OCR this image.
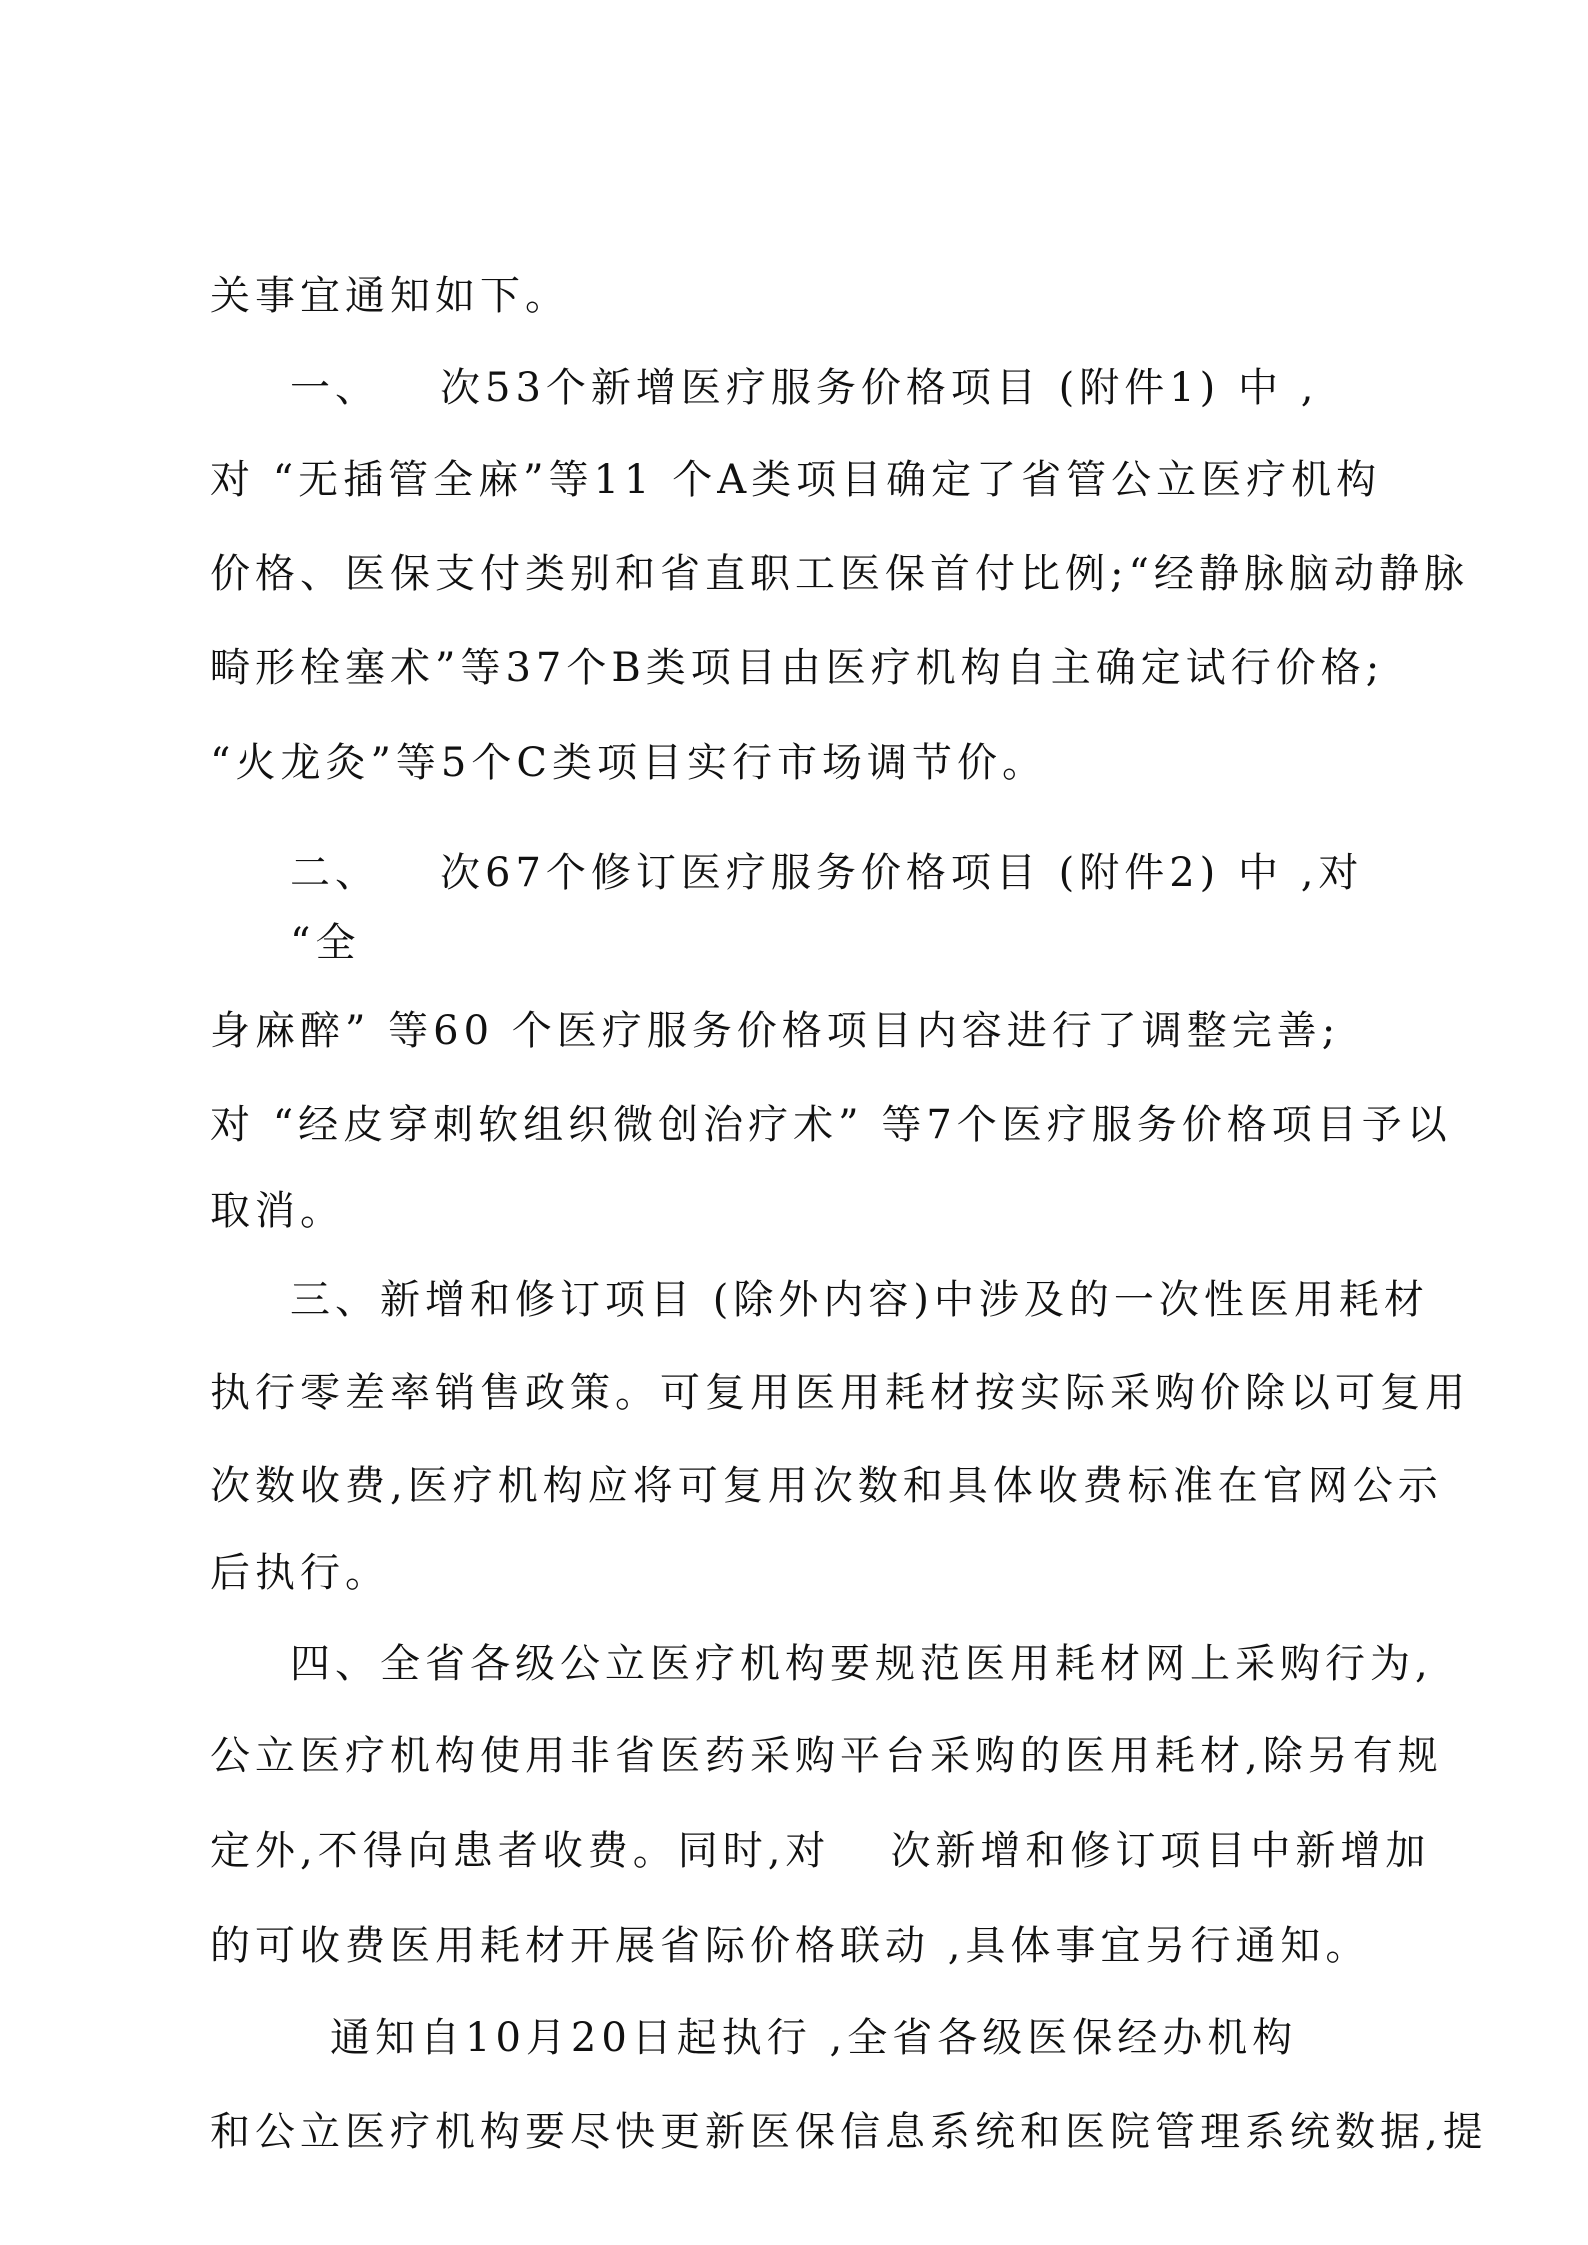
关事宜通知如下。
一、 次53个新增医疗服务价格项目 (附件1) 中 ,
对 “无插管全麻”等11 个A类项目确定了省管公立医疗机构
价格、医保支付类别和省直职工医保首付比例;“经静脉脑动静脉
畸形栓塞术”等37个B类项目由医疗机构自主确定试行价格;
“火龙灸”等5个C类项目实行市场调节价。
二、 次67个修订医疗服务价格项目 (附件2) 中 ,对
“全
身麻醉” 等60 个医疗服务价格项目内容进行了调整完善;
对 “经皮穿刺软组织微创治疗术” 等7个医疗服务价格项目予以
取消。
三、新增和修订项目 (除外内容)中涉及的一次性医用耗材
执行零差率销售政策。可复用医用耗材按实际采购价除以可复用
次数收费,医疗机构应将可复用次数和具体收费标准在官网公示
后执行。
四、全省各级公立医疗机构要规范医用耗材网上采购行为,
公立医疗机构使用非省医药采购平台采购的医用耗材,除另有规
定外,不得向患者收费。同时,对 次新增和修订项目中新增加
的可收费医用耗材开展省际价格联动 ,具体事宜另行通知。
通知自10月20日起执行 ,全省各级医保经办机构
和公立医疗机构要尽快更新医保信息系统和医院管理系统数据,提
